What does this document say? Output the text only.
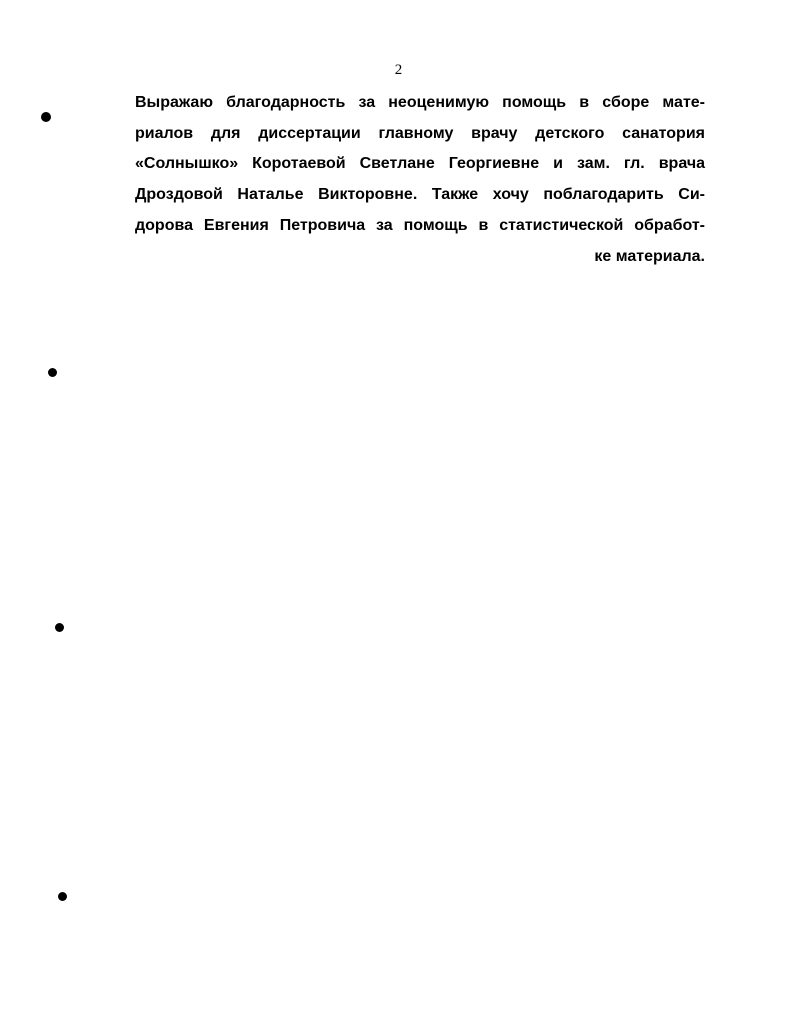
2
Выражаю благодарность за неоценимую помощь в сборе мате-
риалов для диссертации главному врачу детского санатория
«Солнышко» Коротаевой Светлане Георгиевне и зам. гл. врача
Дроздовой Наталье Викторовне. Также хочу поблагодарить Си-
дорова Евгения Петровича за помощь в статистической обработ-
ке материала.
